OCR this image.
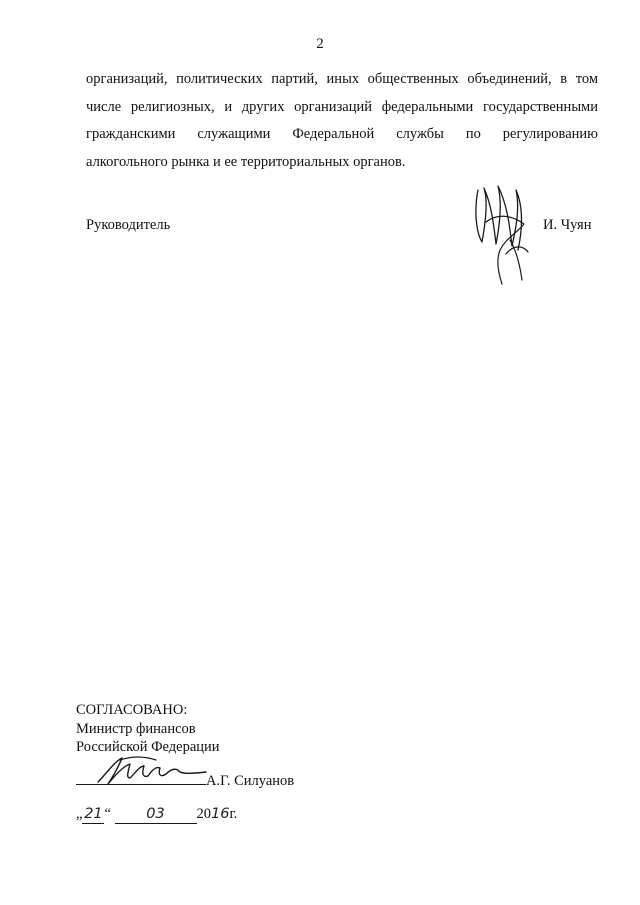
2
организаций, политических партий, иных общественных объединений, в том
числе религиозных, и других организаций федеральными государственными
гражданскими служащими Федеральной службы по регулированию
алкогольного рынка и ее территориальных органов.
Руководитель	И. Чуян
СОГЛАСОВАНО:
Министр финансов
Российской Федерации
А.Г. Силуанов
„ 21 “ 03 2016г.
